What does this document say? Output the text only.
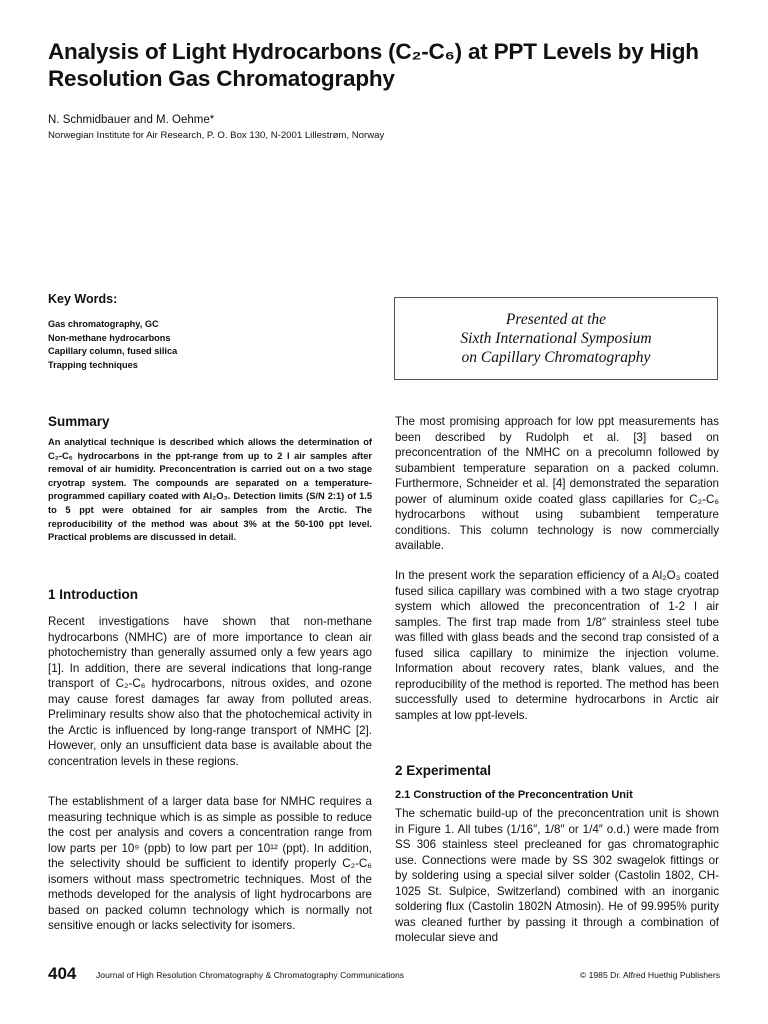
Analysis of Light Hydrocarbons (C₂-C₆) at PPT Levels by High Resolution Gas Chromatography
N. Schmidbauer and M. Oehme*
Norwegian Institute for Air Research, P. O. Box 130, N-2001 Lillestrøm, Norway
Key Words:
Gas chromatography, GC
Non-methane hydrocarbons
Capillary column, fused silica
Trapping techniques
Presented at the
Sixth International Symposium
on Capillary Chromatography
Summary
An analytical technique is described which allows the determination of C₂-C₆ hydrocarbons in the ppt-range from up to 2 l air samples after removal of air humidity. Preconcentration is carried out on a two stage cryotrap system. The compounds are separated on a temperature-programmed capillary coated with Al₂O₃. Detection limits (S/N 2:1) of 1.5 to 5 ppt were obtained for air samples from the Arctic. The reproducibility of the method was about 3% at the 50-100 ppt level. Practical problems are discussed in detail.
1 Introduction
Recent investigations have shown that non-methane hydrocarbons (NMHC) are of more importance to clean air photochemistry than generally assumed only a few years ago [1]. In addition, there are several indications that long-range transport of C₂-C₆ hydrocarbons, nitrous oxides, and ozone may cause forest damages far away from polluted areas. Preliminary results show also that the photochemical activity in the Arctic is influenced by long-range transport of NMHC [2]. However, only an unsufficient data base is available about the concentration levels in these regions.
The establishment of a larger data base for NMHC requires a measuring technique which is as simple as possible to reduce the cost per analysis and covers a concentration range from low parts per 10⁹ (ppb) to low part per 10¹² (ppt). In addition, the selectivity should be sufficient to identify properly C₂-C₆ isomers without mass spectrometric techniques. Most of the methods developed for the analysis of light hydrocarbons are based on packed column technology which is normally not sensitive enough or lacks selectivity for isomers.
The most promising approach for low ppt measurements has been described by Rudolph et al. [3] based on preconcentration of the NMHC on a precolumn followed by subambient temperature separation on a packed column. Furthermore, Schneider et al. [4] demonstrated the separation power of aluminum oxide coated glass capillaries for C₂-C₆ hydrocarbons without using subambient temperature conditions. This column technology is now commercially available.
In the present work the separation efficiency of a Al₂O₃ coated fused silica capillary was combined with a two stage cryotrap system which allowed the preconcentration of 1-2 l air samples. The first trap made from 1/8″ strainless steel tube was filled with glass beads and the second trap consisted of a fused silica capillary to minimize the injection volume. Information about recovery rates, blank values, and the reproducibility of the method is reported. The method has been successfully used to determine hydrocarbons in Arctic air samples at low ppt-levels.
2 Experimental
2.1 Construction of the Preconcentration Unit
The schematic build-up of the preconcentration unit is shown in Figure 1. All tubes (1/16″, 1/8″ or 1/4″ o.d.) were made from SS 306 stainless steel precleaned for gas chromatographic use. Connections were made by SS 302 swagelok fittings or by soldering using a special silver solder (Castolin 1802, CH-1025 St. Sulpice, Switzerland) combined with an inorganic soldering flux (Castolin 1802N Atmosin). He of 99.995% purity was cleaned further by passing it through a combination of molecular sieve and
404 Journal of High Resolution Chromatography & Chromatography Communications	© 1985 Dr. Alfred Huethig Publishers
